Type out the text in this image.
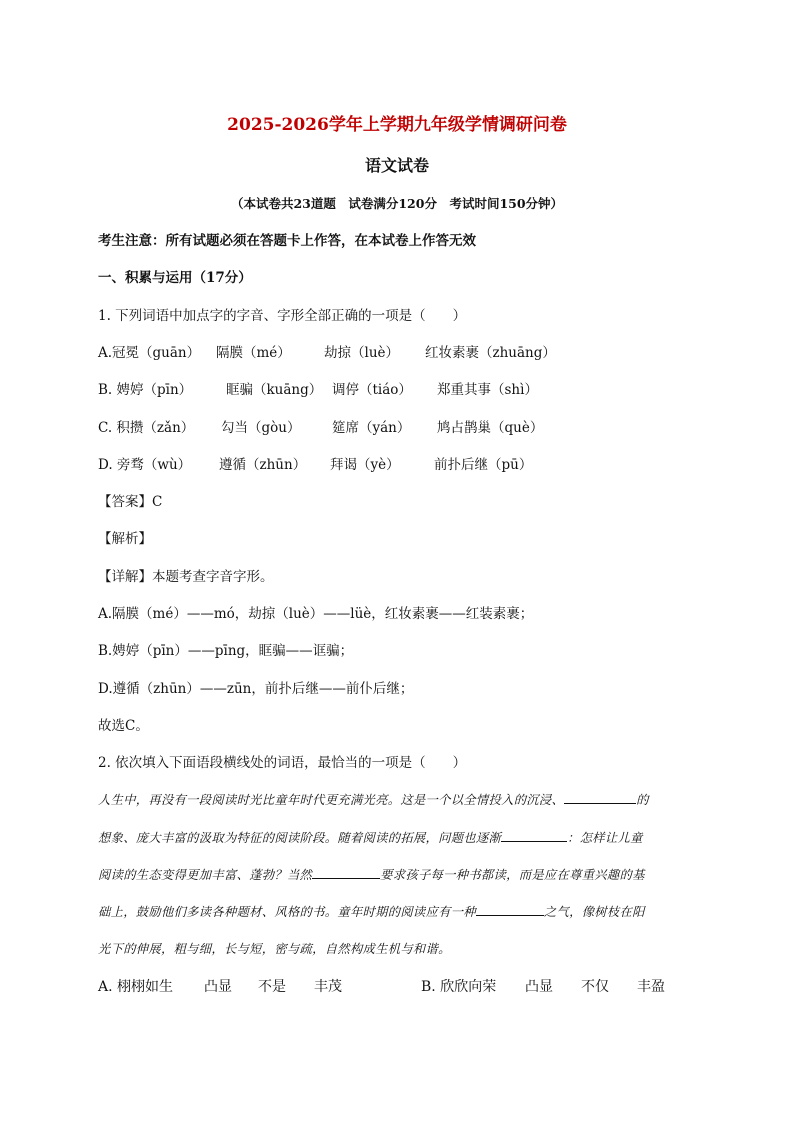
2025-2026学年上学期九年级学情调研问卷
语文试卷
（本试卷共23道题　试卷满分120分　考试时间150分钟）
考生注意：所有试题必须在答题卡上作答，在本试卷上作答无效
一、积累与运用（17分）
1. 下列词语中加点字的字音、字形全部正确的一项是（　　）
A.冠冕（guān） 隔膜（mé） 劫掠（luè） 红妆素裹（zhuāng）
B. 娉婷（pīn）	眶骗（kuāng） 调停（tiáo） 郑重其事（shì）
C. 积攒（zǎn） 勾当（gòu） 筵席（yán） 鸠占鹊巢（què）
D. 旁骛（wù） 遵循（zhūn） 拜谒（yè）	前扑后继（pū）
【答案】C
【解析】
【详解】本题考查字音字形。
A.隔膜（mé）——mó，劫掠（luè）——lüè，红妆素裹——红装素裹；
B.娉婷（pīn）——pīng，眶骗——诓骗；
D.遵循（zhūn）——zūn，前扑后继——前仆后继；
故选C。
2. 依次填入下面语段横线处的词语，最恰当的一项是（　　）
人生中，再没有一段阅读时光比童年时代更充满光亮。这是一个以全情投入的沉浸、	的
想象、庞大丰富的汲取为特征的阅读阶段。随着阅读的拓展，问题也逐渐	：怎样让儿童
阅读的生态变得更加丰富、蓬勃？当然	要求孩子每一种书都读，而是应在尊重兴趣的基
础上，鼓励他们多读各种题材、风格的书。童年时期的阅读应有一种	之气，像树枝在阳
光下的伸展，粗与细，长与短，密与疏，自然构成生机与和谐。
A. 栩栩如生 凸显 不是 丰茂	B. 欣欣向荣 凸显 不仅 丰盈
